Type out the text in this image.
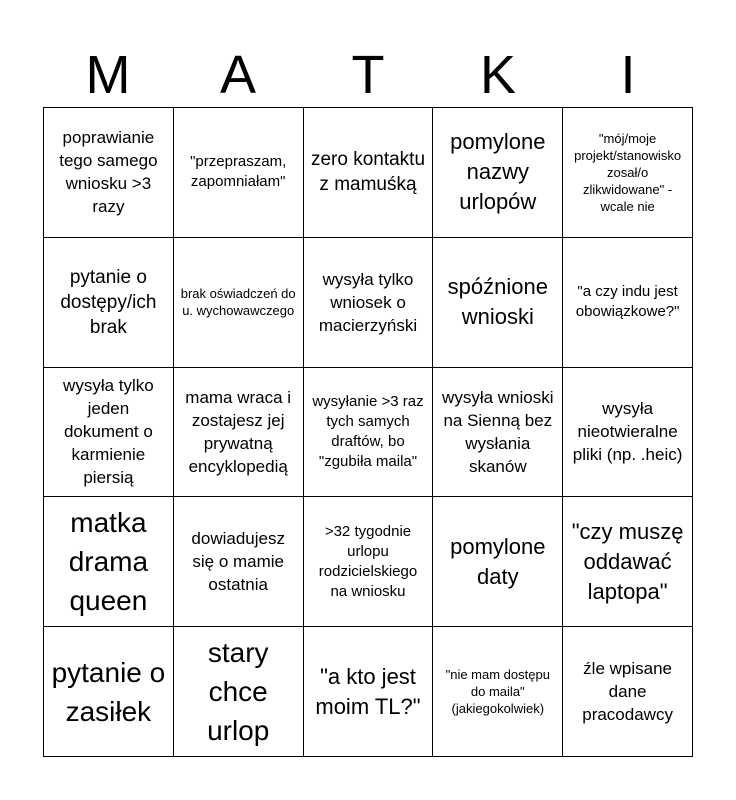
M	A	T	K	I
poprawianie tego samego wniosku >3 razy
"przepraszam, zapomniałam"
zero kontaktu z mamuśką
pomylone nazwy urlopów
"mój/moje projekt/stanowisko zosał/o zlikwidowane" - wcale nie
pytanie o dostępy/ich brak
brak oświadczeń do u. wychowawczego
wysyła tylko wniosek o macierzyński
spóźnione wnioski
"a czy indu jest obowiązkowe?"
wysyła tylko jeden dokument o karmienie piersią
mama wraca i zostajesz jej prywatną encyklopedią
wysyłanie >3 raz tych samych draftów, bo "zgubiła maila"
wysyła wnioski na Sienną bez wysłania skanów
wysyła nieotwieralne pliki (np. .heic)
matka drama queen
dowiadujesz się o mamie ostatnia
>32 tygodnie urlopu rodzicielskiego na wniosku
pomylone daty
"czy muszę oddawać laptopa"
pytanie o zasiłek
stary chce urlop
"a kto jest moim TL?"
"nie mam dostępu do maila" (jakiegokolwiek)
źle wpisane dane pracodawcy
